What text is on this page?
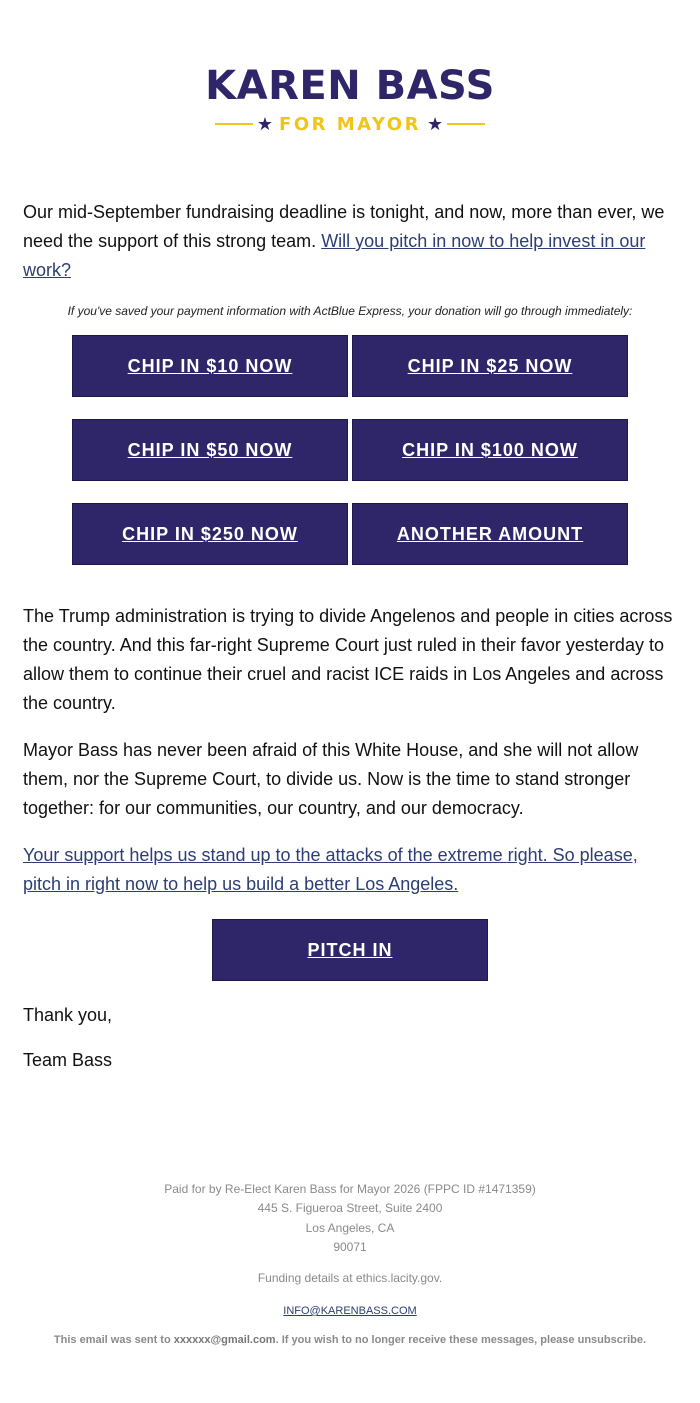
KAREN BASS
★ FOR MAYOR ★

Our mid-September fundraising deadline is tonight, and now, more than ever, we need the support of this strong team. Will you pitch in now to help invest in our work?

If you've saved your payment information with ActBlue Express, your donation will go through immediately:

CHIP IN $10 NOW	CHIP IN $25 NOW
CHIP IN $50 NOW	CHIP IN $100 NOW
CHIP IN $250 NOW	ANOTHER AMOUNT

The Trump administration is trying to divide Angelenos and people in cities across the country. And this far-right Supreme Court just ruled in their favor yesterday to allow them to continue their cruel and racist ICE raids in Los Angeles and across the country.

Mayor Bass has never been afraid of this White House, and she will not allow them, nor the Supreme Court, to divide us. Now is the time to stand stronger together: for our communities, our country, and our democracy.

Your support helps us stand up to the attacks of the extreme right. So please, pitch in right now to help us build a better Los Angeles.

PITCH IN

Thank you,

Team Bass

Paid for by Re-Elect Karen Bass for Mayor 2026 (FPPC ID #1471359)

445 S. Figueroa Street, Suite 2400

Los Angeles, CA

90071

Funding details at ethics.lacity.gov.

INFO@KARENBASS.COM

This email was sent to xxxxxx@gmail.com. If you wish to no longer receive these messages, please unsubscribe.
